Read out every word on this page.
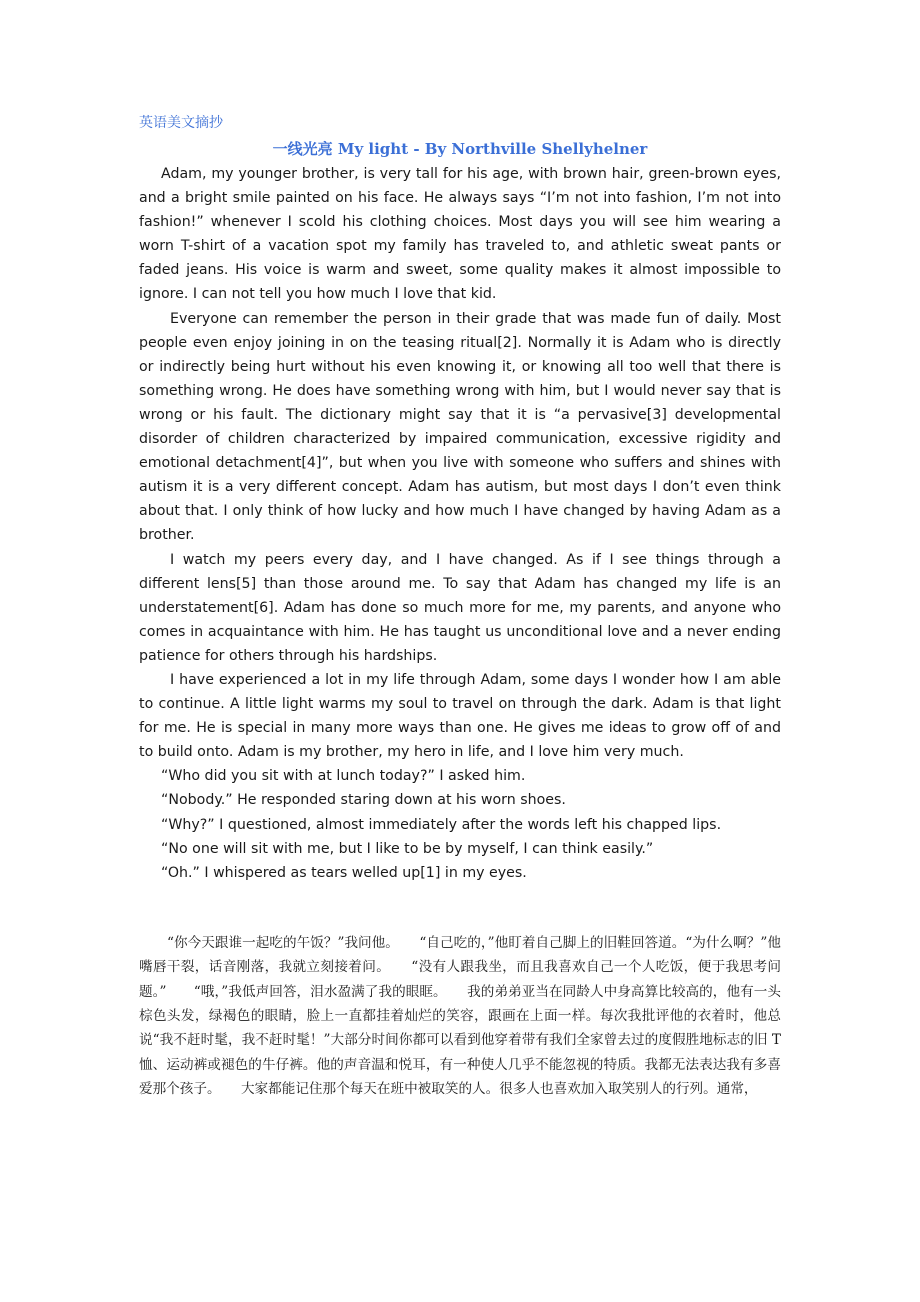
英语美文摘抄
一线光亮 My light - By Northville Shellyhelner

Adam, my younger brother, is very tall for his age, with brown hair, green-brown eyes, and a bright smile painted on his face. He always says “I’m not into fashion, I’m not into fashion!” whenever I scold his clothing choices. Most days you will see him wearing a worn T-shirt of a vacation spot my family has traveled to, and athletic sweat pants or faded jeans. His voice is warm and sweet, some quality makes it almost impossible to ignore. I can not tell you how much I love that kid.

Everyone can remember the person in their grade that was made fun of daily. Most people even enjoy joining in on the teasing ritual[2]. Normally it is Adam who is directly or indirectly being hurt without his even knowing it, or knowing all too well that there is something wrong. He does have something wrong with him, but I would never say that is wrong or his fault. The dictionary might say that it is “a pervasive[3] developmental disorder of children characterized by impaired communication, excessive rigidity and emotional detachment[4]”, but when you live with someone who suffers and shines with autism it is a very different concept. Adam has autism, but most days I don’t even think about that. I only think of how lucky and how much I have changed by having Adam as a brother.

I watch my peers every day, and I have changed. As if I see things through a different lens[5] than those around me. To say that Adam has changed my life is an understatement[6]. Adam has done so much more for me, my parents, and anyone who comes in acquaintance with him. He has taught us unconditional love and a never ending patience for others through his hardships.

I have experienced a lot in my life through Adam, some days I wonder how I am able to continue. A little light warms my soul to travel on through the dark. Adam is that light for me. He is special in many more ways than one. He gives me ideas to grow off of and to build onto. Adam is my brother, my hero in life, and I love him very much.

“Who did you sit with at lunch today?” I asked him.

“Nobody.” He responded staring down at his worn shoes.

“Why?” I questioned, almost immediately after the words left his chapped lips.

“No one will sit with me, but I like to be by myself, I can think easily.”

“Oh.” I whispered as tears welled up[1] in my eyes.

“你今天跟谁一起吃的午饭？”我问他。　　“自己吃的，”他盯着自己脚上的旧鞋回答道。“为什么啊？”他嘴唇干裂，话音刚落，我就立刻接着问。　　“没有人跟我坐，而且我喜欢自己一个人吃饭，便于我思考问题。”　　“哦，”我低声回答，泪水盈满了我的眼眶。　　我的弟弟亚当在同龄人中身高算比较高的，他有一头棕色头发，绿褐色的眼睛，脸上一直都挂着灿烂的笑容，跟画在上面一样。每次我批评他的衣着时，他总说“我不赶时髦，我不赶时髦！”大部分时间你都可以看到他穿着带有我们全家曾去过的度假胜地标志的旧 T 恤、运动裤或褪色的牛仔裤。他的声音温和悦耳，有一种使人几乎不能忽视的特质。我都无法表达我有多喜爱那个孩子。　　大家都能记住那个每天在班中被取笑的人。很多人也喜欢加入取笑别人的行列。通常，
